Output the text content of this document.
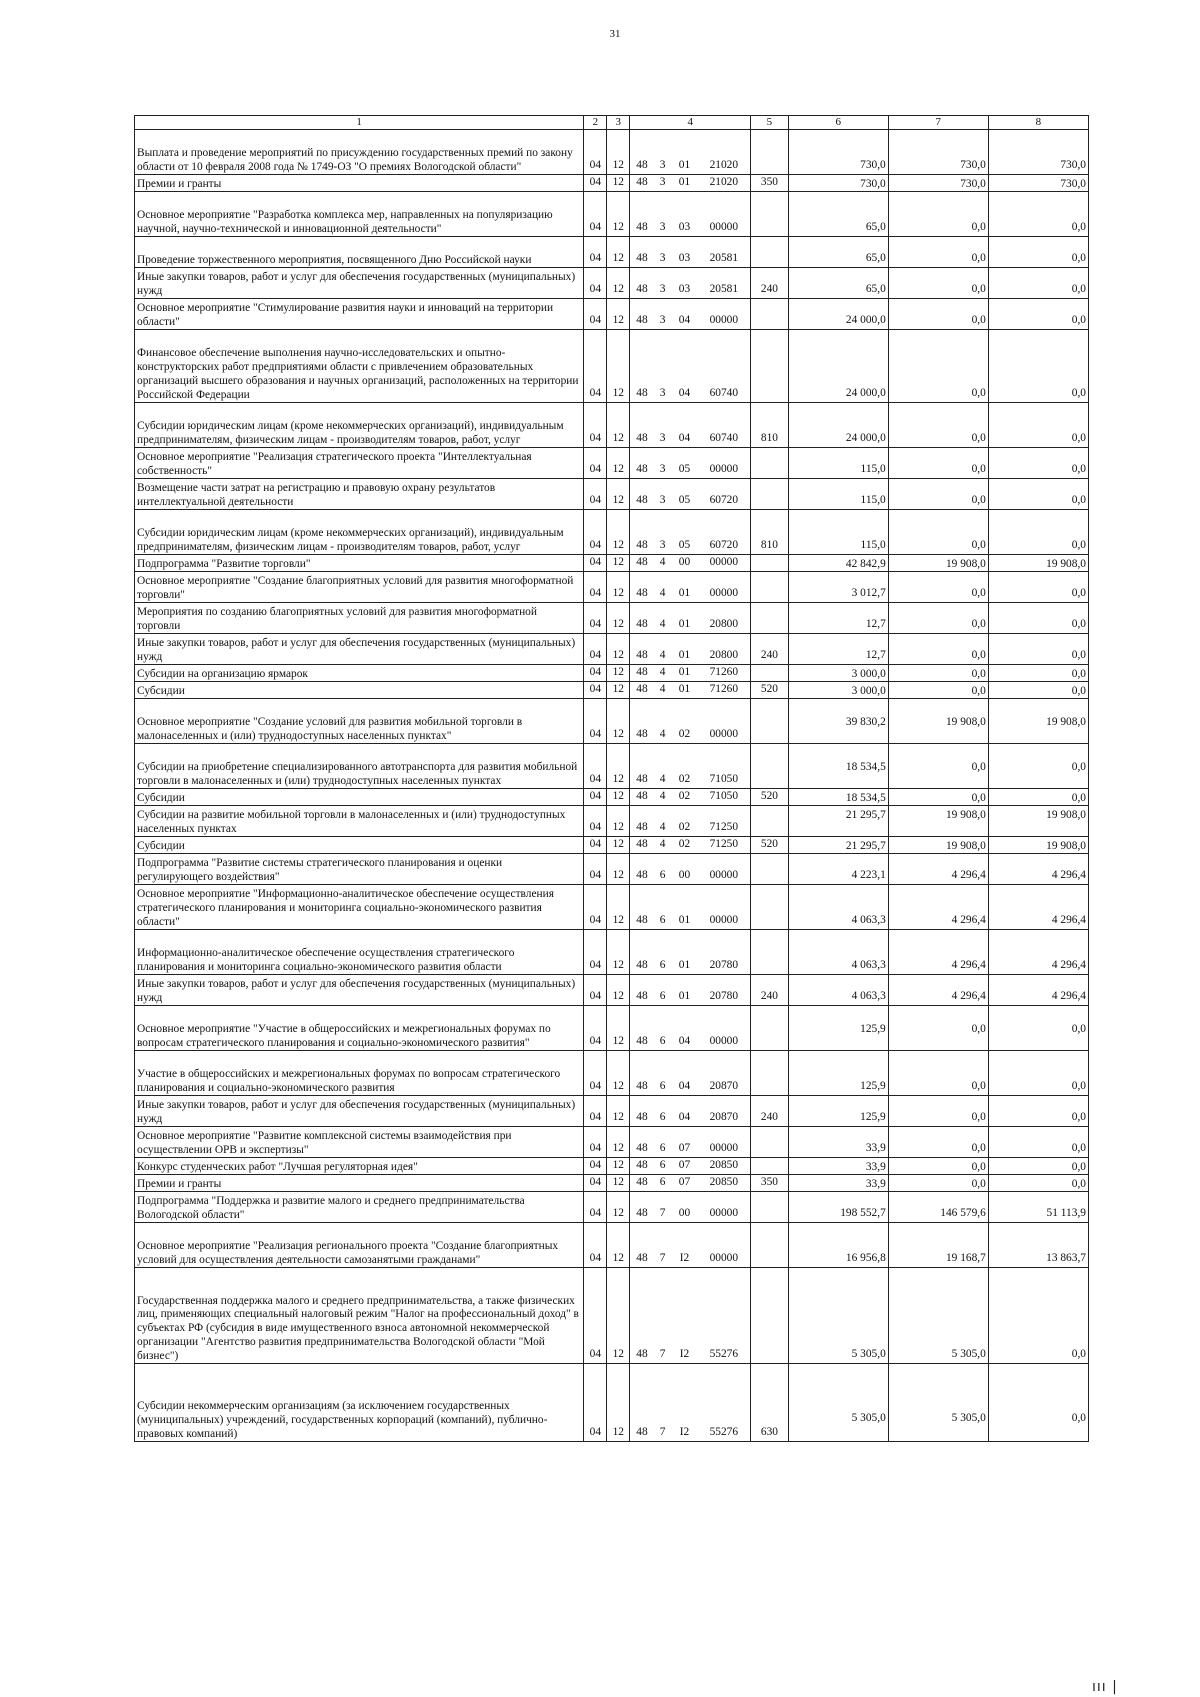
31
1	2	3	4				5	6	7	8
Выплата и проведение мероприятий по присуждению государственных премий по закону области от 10 февраля 2008 года № 1749-ОЗ "О премиях Вологодской области"	04	12	48	3	01	21020		730,0	730,0	730,0

Премии и гранты	04	12	48	3	01	21020	350	730,0	730,0	730,0

Основное мероприятие "Разработка комплекса мер, направленных на популяризацию научной, научно-технической и инновационной деятельности"	04	12	48	3	03	00000		65,0	0,0	0,0

Проведение торжественного мероприятия, посвященного Дню Российской науки	04	12	48	3	03	20581		65,0	0,0	0,0

Иные закупки товаров, работ и услуг для обеспечения государственных (муниципальных) нужд	04	12	48	3	03	20581	240	65,0	0,0	0,0

Основное мероприятие "Стимулирование развития науки и инноваций на территории области"	04	12	48	3	04	00000		24 000,0	0,0	0,0

Финансовое обеспечение выполнения научно-исследовательских и опытно-конструкторских работ предприятиями области с привлечением образовательных организаций высшего образования и научных организаций, расположенных на территории Российской Федерации	04	12	48	3	04	60740		24 000,0	0,0	0,0

Субсидии юридическим лицам (кроме некоммерческих организаций), индивидуальным предпринимателям, физическим лицам - производителям товаров, работ, услуг	04	12	48	3	04	60740	810	24 000,0	0,0	0,0

Основное мероприятие "Реализация стратегического проекта "Интеллектуальная собственность"	04	12	48	3	05	00000		115,0	0,0	0,0

Возмещение части затрат на регистрацию и правовую охрану результатов интеллектуальной деятельности	04	12	48	3	05	60720		115,0	0,0	0,0

Субсидии юридическим лицам (кроме некоммерческих организаций), индивидуальным предпринимателям, физическим лицам - производителям товаров, работ, услуг	04	12	48	3	05	60720	810	115,0	0,0	0,0

Подпрограмма "Развитие торговли"	04	12	48	4	00	00000		42 842,9	19 908,0	19 908,0

Основное мероприятие "Создание благоприятных условий для развития многоформатной торговли"	04	12	48	4	01	00000		3 012,7	0,0	0,0

Мероприятия по созданию благоприятных условий для развития многоформатной торговли	04	12	48	4	01	20800		12,7	0,0	0,0

Иные закупки товаров, работ и услуг для обеспечения государственных (муниципальных) нужд	04	12	48	4	01	20800	240	12,7	0,0	0,0

Субсидии на организацию ярмарок	04	12	48	4	01	71260		3 000,0	0,0	0,0

Субсидии	04	12	48	4	01	71260	520	3 000,0	0,0	0,0

Основное мероприятие "Создание условий для развития мобильной торговли в малонаселенных и (или) труднодоступных населенных пунктах"	04	12	48	4	02	00000		39 830,2	19 908,0	19 908,0

Субсидии на приобретение специализированного автотранспорта для развития мобильной торговли в малонаселенных и (или) труднодоступных населенных пунктах	04	12	48	4	02	71050		18 534,5	0,0	0,0

Субсидии	04	12	48	4	02	71050	520	18 534,5	0,0	0,0

Субсидии на развитие мобильной торговли в малонаселенных и (или) труднодоступных населенных пунктах	04	12	48	4	02	71250		21 295,7	19 908,0	19 908,0

Субсидии	04	12	48	4	02	71250	520	21 295,7	19 908,0	19 908,0

Подпрограмма "Развитие системы стратегического планирования и оценки регулирующего воздействия"	04	12	48	6	00	00000		4 223,1	4 296,4	4 296,4

Основное мероприятие "Информационно-аналитическое обеспечение осуществления стратегического планирования и мониторинга социально-экономического развития области"	04	12	48	6	01	00000		4 063,3	4 296,4	4 296,4

Информационно-аналитическое обеспечение осуществления стратегического планирования и мониторинга социально-экономического развития области	04	12	48	6	01	20780		4 063,3	4 296,4	4 296,4

Иные закупки товаров, работ и услуг для обеспечения государственных (муниципальных) нужд	04	12	48	6	01	20780	240	4 063,3	4 296,4	4 296,4

Основное мероприятие "Участие в общероссийских и межрегиональных форумах по вопросам стратегического планирования и социально-экономического развития"	04	12	48	6	04	00000		125,9	0,0	0,0

Участие в общероссийских и межрегиональных форумах по вопросам стратегического планирования и социально-экономического развития	04	12	48	6	04	20870		125,9	0,0	0,0

Иные закупки товаров, работ и услуг для обеспечения государственных (муниципальных) нужд	04	12	48	6	04	20870	240	125,9	0,0	0,0

Основное мероприятие "Развитие комплексной системы взаимодействия при осуществлении ОРВ и экспертизы"	04	12	48	6	07	00000		33,9	0,0	0,0

Конкурс студенческих работ "Лучшая регуляторная идея"	04	12	48	6	07	20850		33,9	0,0	0,0

Премии и гранты	04	12	48	6	07	20850	350	33,9	0,0	0,0

Подпрограмма "Поддержка и развитие малого и среднего предпринимательства Вологодской области"	04	12	48	7	00	00000		198 552,7	146 579,6	51 113,9

Основное мероприятие "Реализация регионального проекта "Создание благоприятных условий для осуществления деятельности самозанятыми гражданами"	04	12	48	7	I2	00000		16 956,8	19 168,7	13 863,7

Государственная поддержка малого и среднего предпринимательства, а также физических лиц, применяющих специальный налоговый режим "Налог на профессиональный доход" в субъектах РФ (субсидия в виде имущественного взноса автономной некоммерческой организации "Агентство развития предпринимательства Вологодской области "Мой бизнес")	04	12	48	7	I2	55276		5 305,0	5 305,0	0,0

Субсидии некоммерческим организациям (за исключением государственных (муниципальных) учреждений, государственных корпораций (компаний), публично-правовых компаний)	04	12	48	7	I2	55276	630	5 305,0	5 305,0	0,0
ııı |
